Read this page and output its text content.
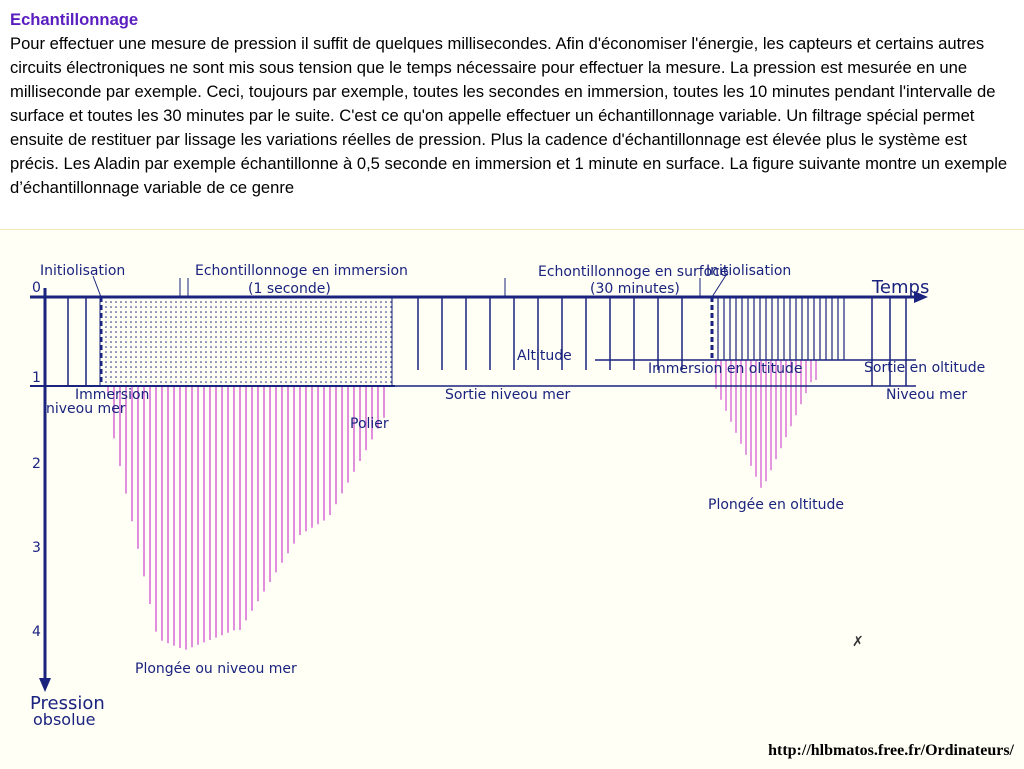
Echantillonnage
Pour effectuer une mesure de pression il suffit de quelques millisecondes. Afin d'économiser l'énergie, les capteurs et certains autres circuits électroniques ne sont mis sous tension que le temps nécessaire pour effectuer la mesure. La pression est mesurée en une milliseconde par exemple. Ceci, toujours par exemple, toutes les secondes en immersion, toutes les 10 minutes pendant l'intervalle de surface et toutes les 30 minutes par le suite. C'est ce qu'on appelle effectuer un échantillonnage variable. Un filtrage spécial permet ensuite de restituer par lissage les variations réelles de pression. Plus la cadence d'échantillonnage est élevée plus le système est précis. Les Aladin par exemple échantillonne à 0,5 seconde en immersion et 1 minute en surface. La figure suivante montre un exemple d’échantillonnage variable de ce genre
0
1
2
3
4
Initiolisation	Echontillonnoge en immersion
(1 seconde)
Echontillonnoge en surfoce
Initiolisation
(30 minutes)	Temps
Altitude
Immersion en oltitude	Sortie en oltitude
Immersion
niveou mer
Sortie niveou mer	Niveou mer
Polier
Plongée en oltitude
Plongée ou niveou mer
Pression
obsolue
✗
http://hlbmatos.free.fr/Ordinateurs/
